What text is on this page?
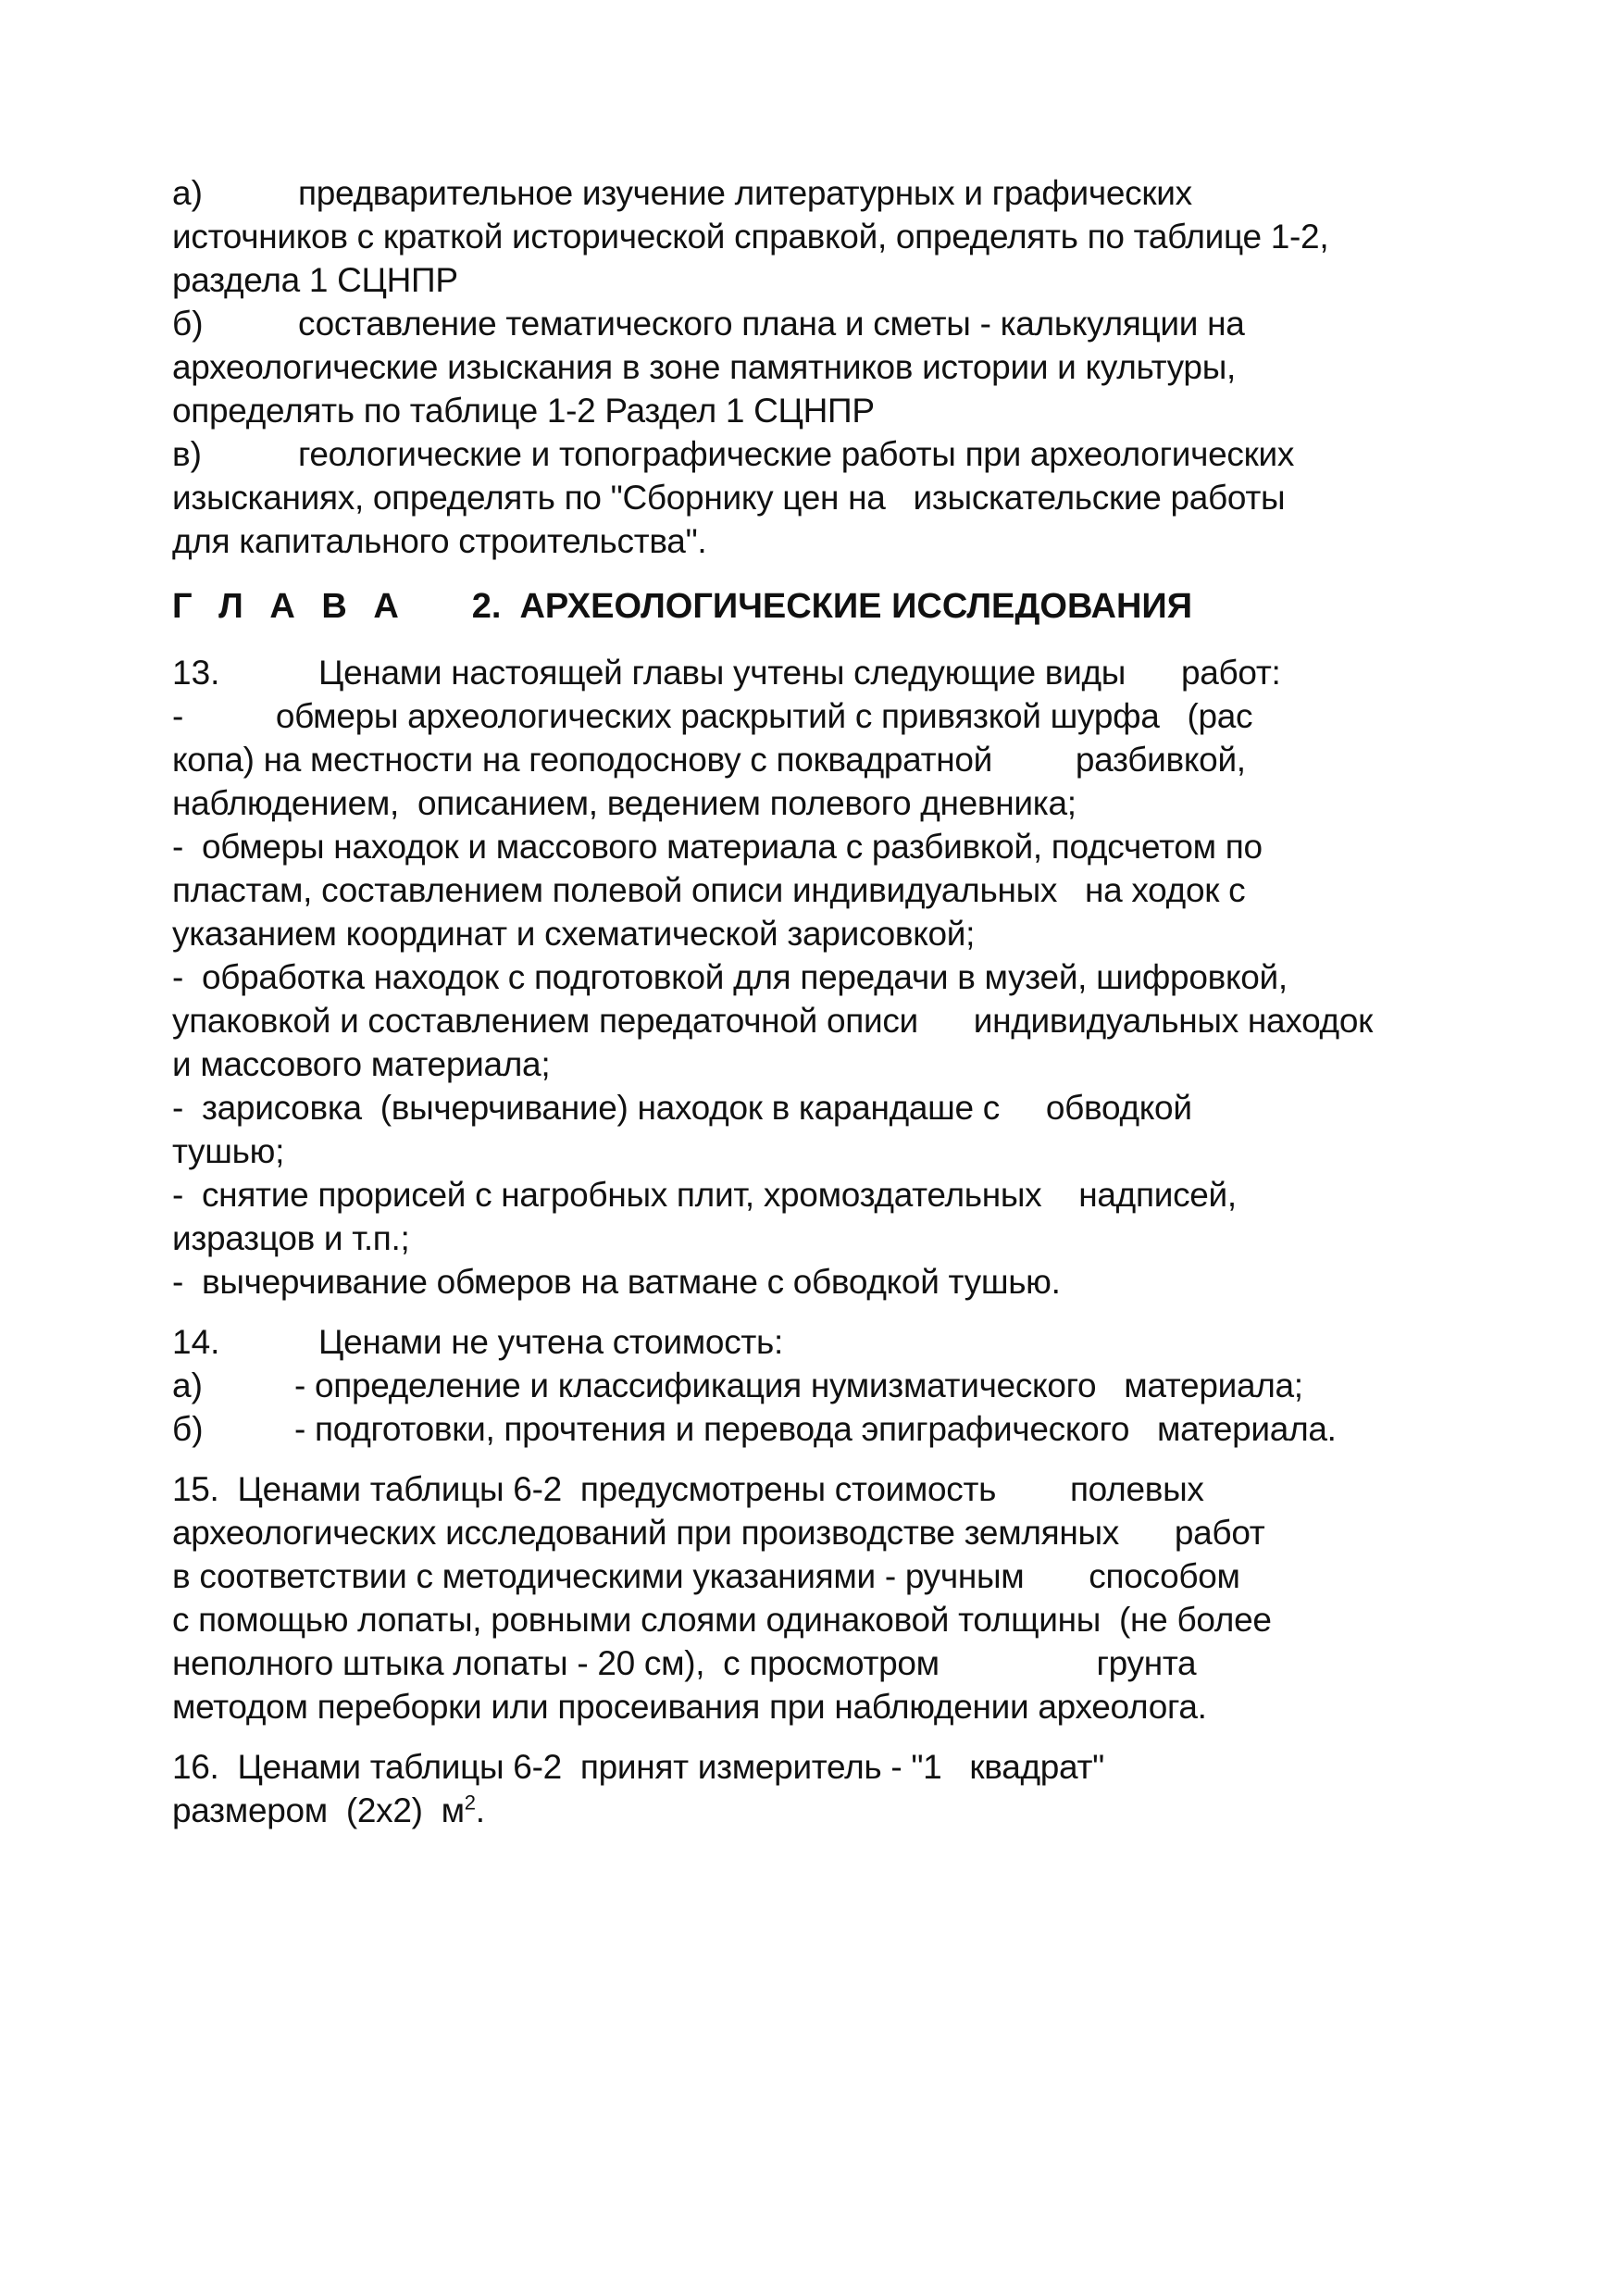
а)	предварительное изучение литературных и графических
источников с краткой исторической справкой, определять по таблице 1-2,
раздела 1 СЦНПР
б)	составление тематического плана и сметы - калькуляции на
археологические изыскания в зоне памятников истории и культуры,
определять по таблице 1-2 Раздел 1 СЦНПР
в)	геологические и топографические работы при археологических
изысканиях, определять по "Сборнику цен на   изыскательские работы
для капитального строительства".
Г Л А В А 2. АРХЕОЛОГИЧЕСКИЕ ИССЛЕДОВАНИЯ
13.	Ценами настоящей главы учтены следующие виды      работ:
-          обмеры археологических раскрытий с привязкой шурфа   (рас
копа) на местности на геоподоснову с поквадратной         разбивкой,
наблюдением,  описанием, ведением полевого дневника;
-  обмеры находок и массового материала с разбивкой, подсчетом по
пластам, составлением полевой описи индивидуальных   на ходок с
указанием координат и схематической зарисовкой;
-  обработка находок с подготовкой для передачи в музей, шифровкой,
упаковкой и составлением передаточной описи      индивидуальных находок
и массового материала;
-  зарисовка  (вычерчивание) находок в карандаше с     обводкой
тушью;
-  снятие прорисей с нагробных плит, хромоздательных    надписей,
изразцов и т.п.;
-  вычерчивание обмеров на ватмане с обводкой тушью.
14.	Ценами не учтена стоимость:
а)	- определение и классификация нумизматического   материала;
б)	- подготовки, прочтения и перевода эпиграфического   материала.
15.  Ценами таблицы 6-2  предусмотрены стоимость        полевых
археологических исследований при производстве земляных      работ
в соответствии с методическими указаниями - ручным       способом
с помощью лопаты, ровными слоями одинаковой толщины  (не более
неполного штыка лопаты - 20 см),  с просмотром                 грунта
методом переборки или просеивания при наблюдении археолога.
16.  Ценами таблицы 6-2  принят измеритель - "1   квадрат"
размером  (2х2)  $м^2$.
